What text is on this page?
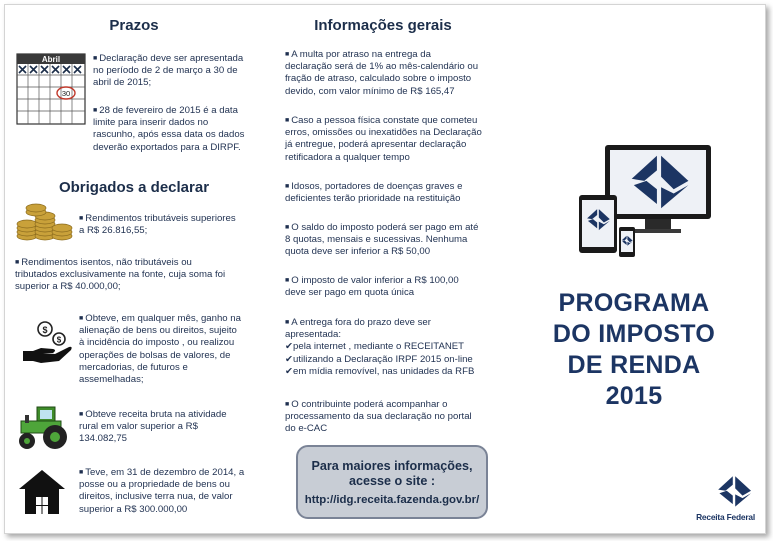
Prazos
Abril
30
■ Declaração deve ser apresentada
no período de 2 de março a 30 de
abril de 2015;
■ 28 de fevereiro de 2015 é a data
limite para inserir dados no
rascunho, após essa data os dados
deverão exportados para a DIRPF.
Obrigados a declarar
■ Rendimentos tributáveis superiores
a R$ 26.816,55;
■ Rendimentos isentos, não tributáveis ou
tributados exclusivamente na fonte, cuja soma foi
superior a R$ 40.000,00;
$
$
■ Obteve, em qualquer mês, ganho na
alienação de bens ou direitos, sujeito
à incidência do imposto , ou realizou
operações de bolsas de valores, de
mercadorias, de futuros e
assemelhadas;
■ Obteve receita bruta na atividade
rural em valor superior a R$
134.082,75
■ Teve, em 31 de dezembro de 2014, a
posse ou a propriedade de bens ou
direitos, inclusive terra nua, de valor
superior a R$ 300.000,00
Informações gerais
■ A multa por atraso na entrega da
declaração será de 1% ao mês-calendário ou
fração de atraso, calculado sobre o imposto
devido, com valor mínimo de R$ 165,47
■ Caso a pessoa física constate que cometeu
erros, omissões ou inexatidões na Declaração
já entregue, poderá apresentar declaração
retificadora a qualquer tempo
■ Idosos, portadores de doenças graves e
deficientes terão prioridade na restituição
■ O saldo do imposto poderá ser pago em até
8 quotas, mensais e sucessivas. Nenhuma
quota deve ser inferior a R$ 50,00
■ O imposto de valor inferior a R$ 100,00
deve ser pago em quota única
■ A entrega fora do prazo deve ser
apresentada:
✔pela internet , mediante o RECEITANET
✔utilizando a Declaração IRPF 2015 on-line
✔em mídia removível, nas unidades da RFB
■ O contribuinte poderá acompanhar o
processamento da sua declaração no portal
do e-CAC
Para maiores informações,
acesse o site :
http://idg.receita.fazenda.gov.br/
PROGRAMA
DO IMPOSTO
DE RENDA
2015
Receita Federal
